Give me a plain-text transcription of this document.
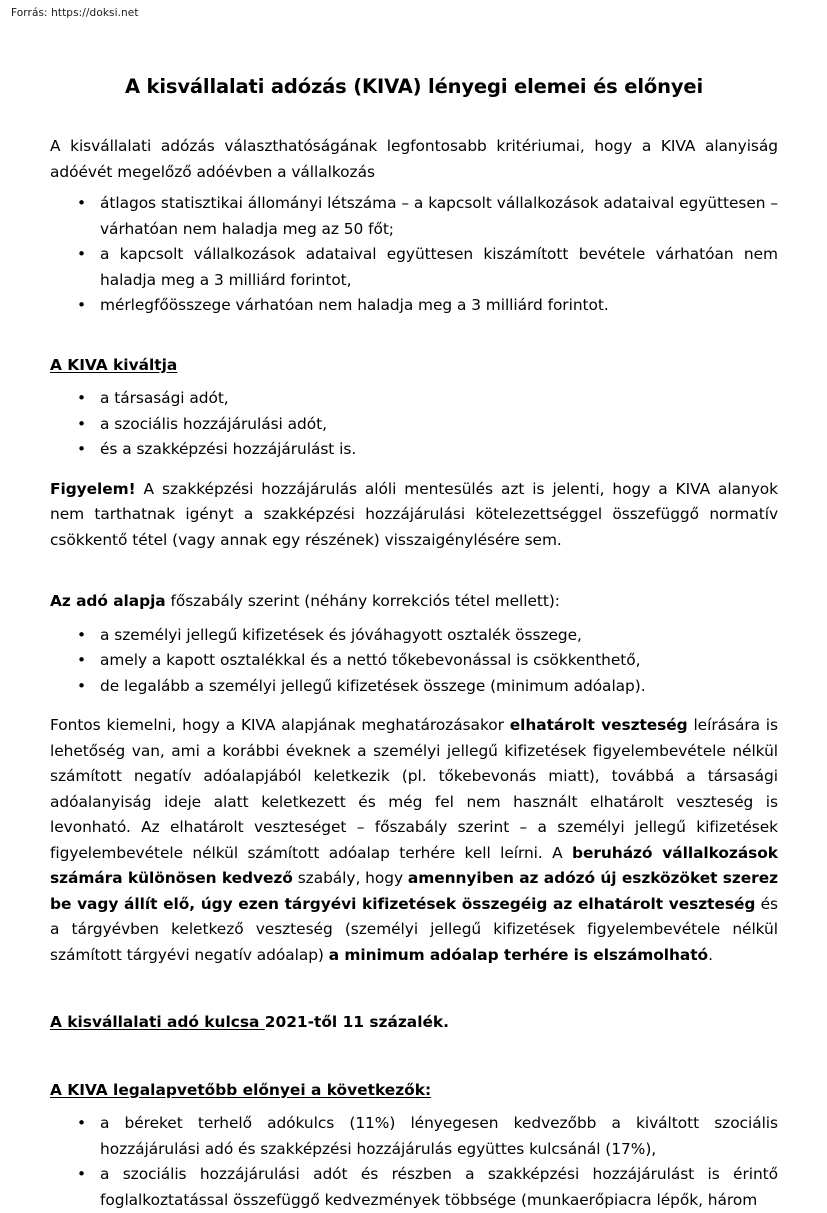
Forrás: https://doksi.net
A kisvállalati adózás (KIVA) lényegi elemei és előnyei

A kisvállalati adózás választhatóságának legfontosabb kritériumai, hogy a KIVA alanyiság adóévét megelőző adóévben a vállalkozás

• átlagos statisztikai állományi létszáma – a kapcsolt vállalkozások adataival együttesen – várhatóan nem haladja meg az 50 főt;
• a kapcsolt vállalkozások adataival együttesen kiszámított bevétele várhatóan nem haladja meg a 3 milliárd forintot,
• mérlegfőösszege várhatóan nem haladja meg a 3 milliárd forintot.

A KIVA kiváltja

• a társasági adót,
• a szociális hozzájárulási adót,
• és a szakképzési hozzájárulást is.

Figyelem! A szakképzési hozzájárulás alóli mentesülés azt is jelenti, hogy a KIVA alanyok nem tarthatnak igényt a szakképzési hozzájárulási kötelezettséggel összefüggő normatív csökkentő tétel (vagy annak egy részének) visszaigénylésére sem.

Az adó alapja főszabály szerint (néhány korrekciós tétel mellett):

• a személyi jellegű kifizetések és jóváhagyott osztalék összege,
• amely a kapott osztalékkal és a nettó tőkebevonással is csökkenthető,
• de legalább a személyi jellegű kifizetések összege (minimum adóalap).

Fontos kiemelni, hogy a KIVA alapjának meghatározásakor elhatárolt veszteség leírására is lehetőség van, ami a korábbi éveknek a személyi jellegű kifizetések figyelembevétele nélkül számított negatív adóalapjából keletkezik (pl. tőkebevonás miatt), továbbá a társasági adóalanyiság ideje alatt keletkezett és még fel nem használt elhatárolt veszteség is levonható. Az elhatárolt veszteséget – főszabály szerint – a személyi jellegű kifizetések figyelembevétele nélkül számított adóalap terhére kell leírni. A beruházó vállalkozások számára különösen kedvező szabály, hogy amennyiben az adózó új eszközöket szerez be vagy állít elő, úgy ezen tárgyévi kifizetések összegéig az elhatárolt veszteség és a tárgyévben keletkező veszteség (személyi jellegű kifizetések figyelembevétele nélkül számított tárgyévi negatív adóalap) a minimum adóalap terhére is elszámolható.

A kisvállalati adó kulcsa 2021-től 11 százalék.

A KIVA legalapvetőbb előnyei a következők:

• a béreket terhelő adókulcs (11%) lényegesen kedvezőbb a kiváltott szociális hozzájárulási adó és szakképzési hozzájárulás együttes kulcsánál (17%),
• a szociális hozzájárulási adót és részben a szakképzési hozzájárulást is érintő foglalkoztatással összefüggő kedvezmények többsége (munkaerőpiacra lépők, három
